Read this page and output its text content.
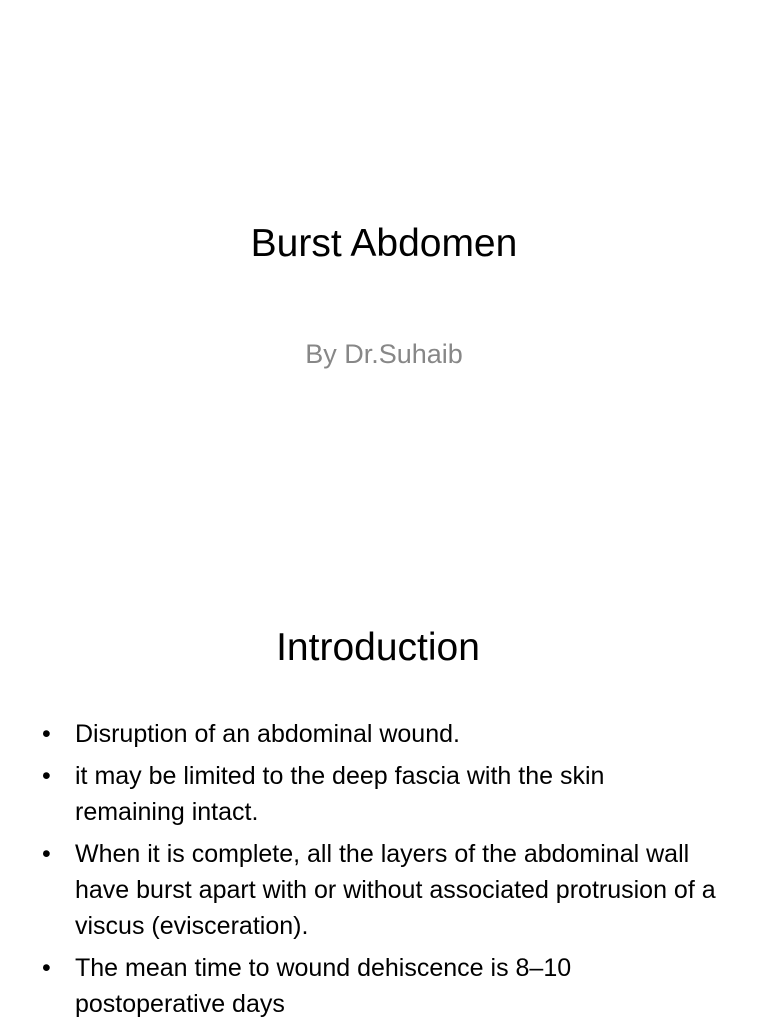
Burst Abdomen

By Dr.Suhaib

Introduction
• Disruption of an abdominal wound.
• it may be limited to the deep fascia with the skin remaining intact.
• When it is complete, all the layers of the abdominal wall have burst apart with or without associated protrusion of a viscus (evisceration).
• The mean time to wound dehiscence is 8–10 postoperative days
